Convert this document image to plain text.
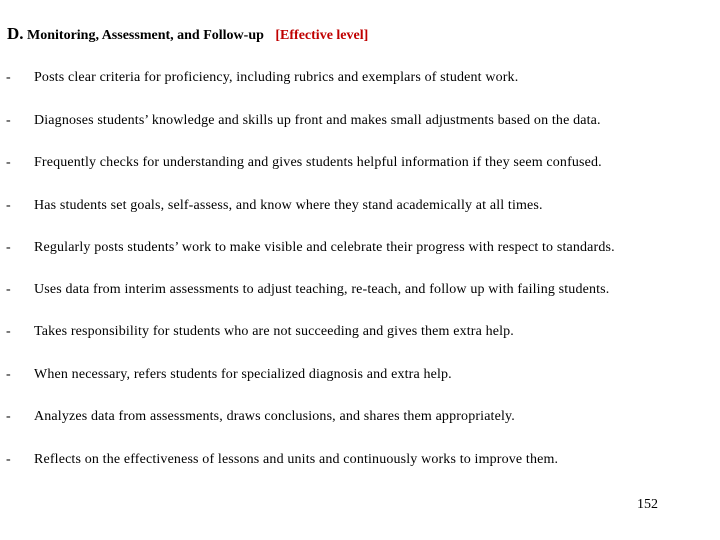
D. Monitoring, Assessment, and Follow-up [Effective level]
- Posts clear criteria for proficiency, including rubrics and exemplars of student work.
- Diagnoses students’ knowledge and skills up front and makes small adjustments based on the data.
- Frequently checks for understanding and gives students helpful information if they seem confused.
- Has students set goals, self-assess, and know where they stand academically at all times.
- Regularly posts students’ work to make visible and celebrate their progress with respect to standards.
- Uses data from interim assessments to adjust teaching, re-teach, and follow up with failing students.
- Takes responsibility for students who are not succeeding and gives them extra help.
- When necessary, refers students for specialized diagnosis and extra help.
- Analyzes data from assessments, draws conclusions, and shares them appropriately.
- Reflects on the effectiveness of lessons and units and continuously works to improve them.
152
